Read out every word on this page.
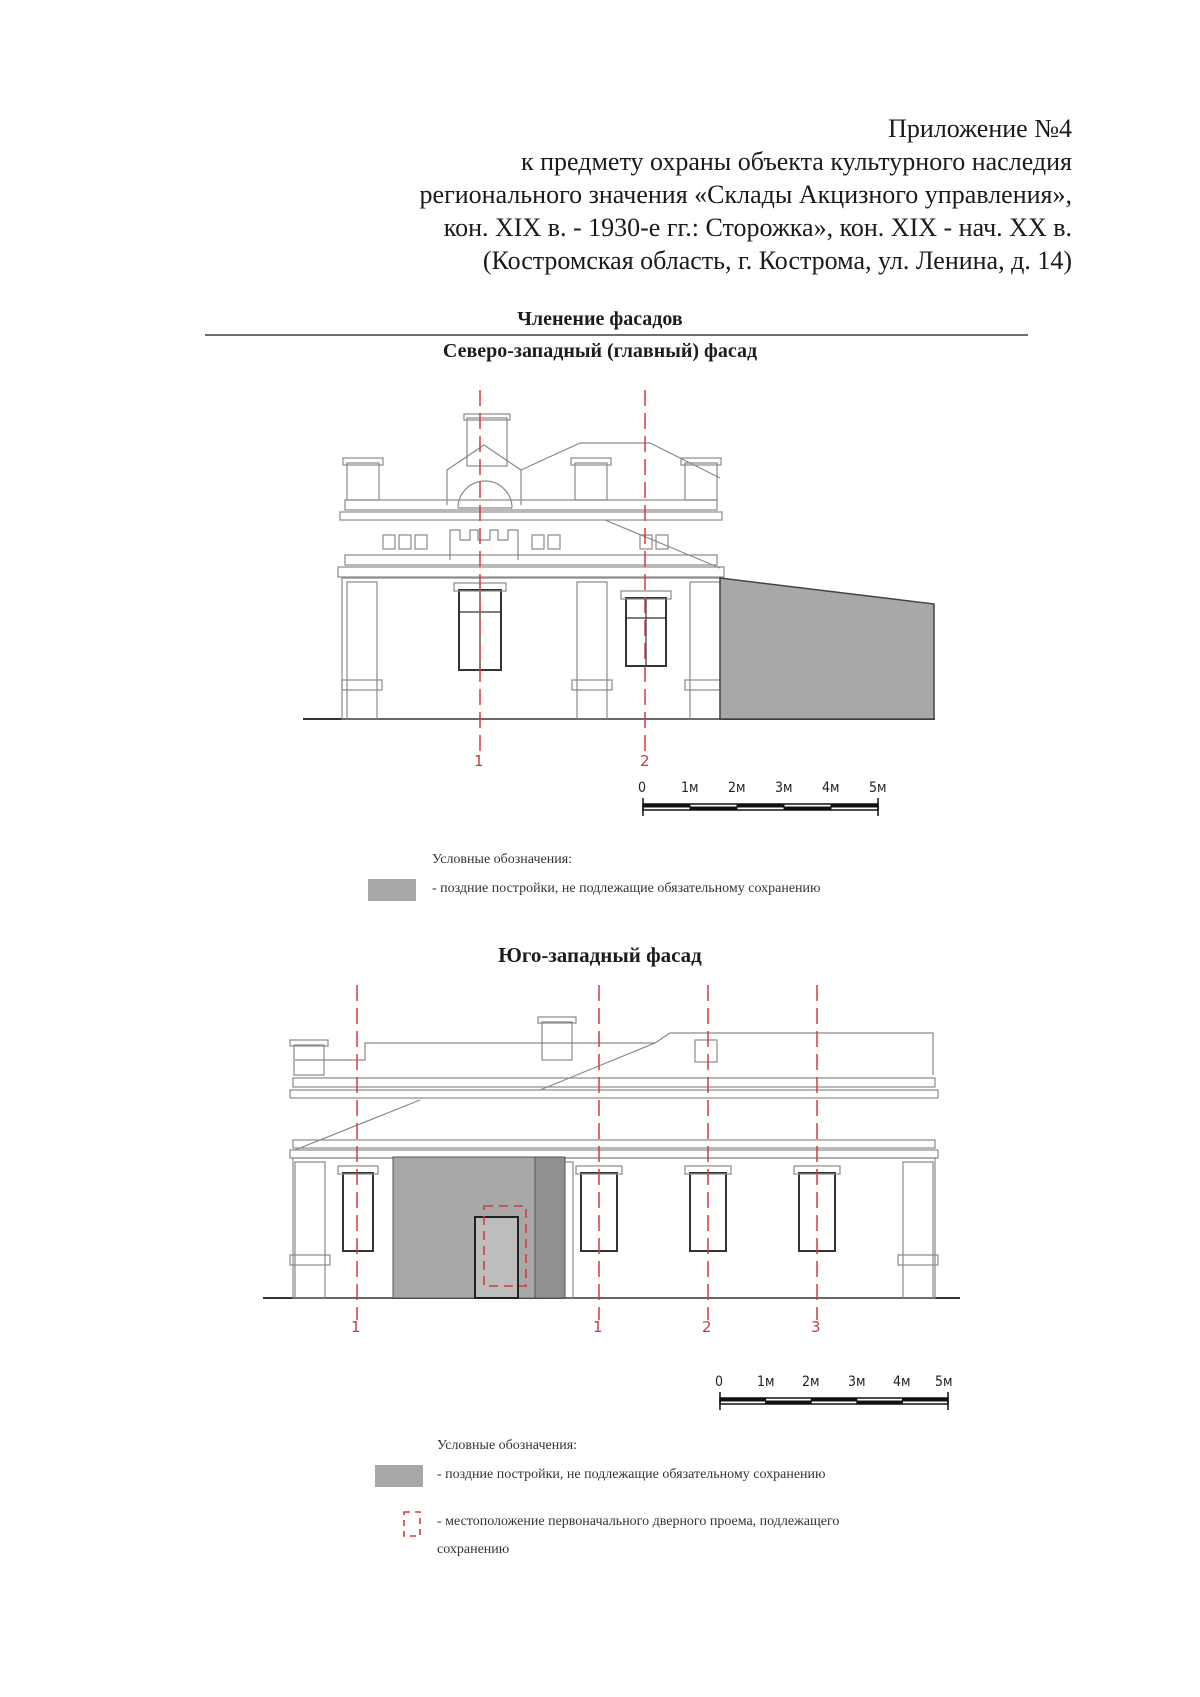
Приложение №4
к предмету охраны объекта культурного наследия
регионального значения «Склады Акцизного управления»,
кон. XIX в. - 1930-е гг.: Сторожка», кон. XIX - нач. XX в.
(Костромская область, г. Кострома, ул. Ленина, д. 14)
Членение фасадов
Северо-западный (главный) фасад
1	2
0 1м 2м 3м 4м 5м
Условные обозначения:
- поздние постройки, не подлежащие обязательному сохранению
Юго-западный фасад
1	1	2	3
0 1м 2м 3м 4м 5м
Условные обозначения:
- поздние постройки, не подлежащие обязательному сохранению
- местоположение первоначального дверного проема, подлежащего
сохранению
